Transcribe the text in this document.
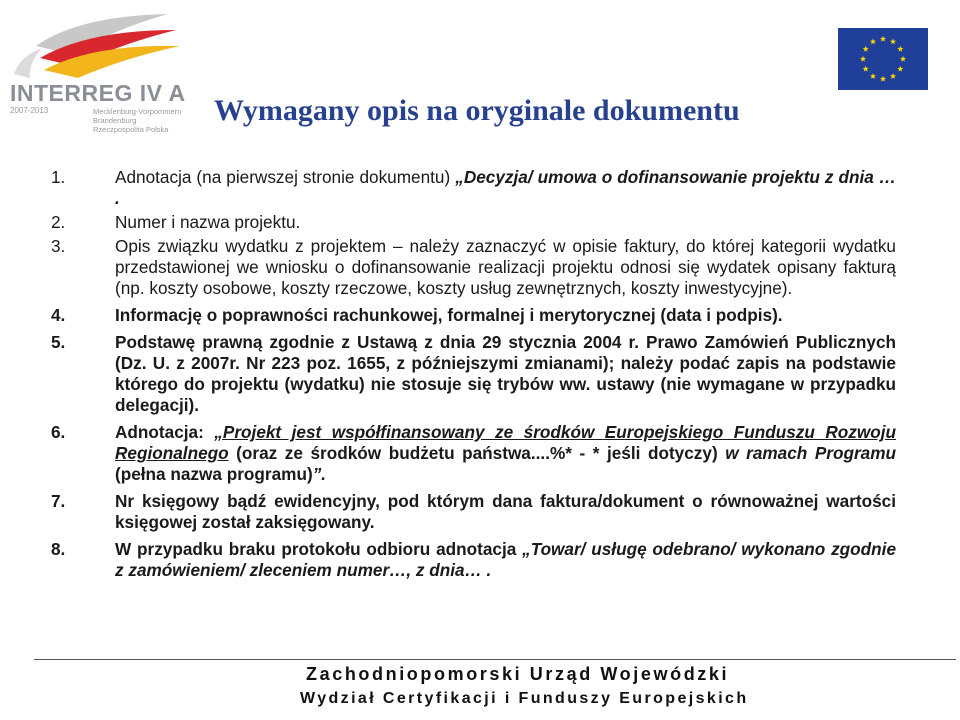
INTERREG IV A
2007-2013	Mecklenburg-Vorpommern
Brandenburg
Rzeczpospolita Polska
Wymagany opis na oryginale dokumentu
1.	Adnotacja (na pierwszej stronie dokumentu) „Decyzja/ umowa o dofinansowanie projektu z dnia … .
2.	Numer i nazwa projektu.
3.	Opis związku wydatku z projektem – należy zaznaczyć w opisie faktury, do której kategorii wydatku przedstawionej we wniosku o dofinansowanie realizacji projektu odnosi się wydatek opisany fakturą (np. koszty osobowe, koszty rzeczowe, koszty usług zewnętrznych, koszty inwestycyjne).
4.	Informację o poprawności rachunkowej, formalnej i merytorycznej (data i podpis).
5.	Podstawę prawną zgodnie z Ustawą z dnia 29 stycznia 2004 r. Prawo Zamówień Publicznych (Dz. U. z 2007r. Nr 223 poz. 1655, z późniejszymi zmianami); należy podać zapis na podstawie którego do projektu (wydatku) nie stosuje się trybów ww. ustawy (nie wymagane w przypadku delegacji).
6.	Adnotacja: „Projekt jest współfinansowany ze środków Europejskiego Funduszu Rozwoju Regionalnego (oraz ze środków budżetu państwa....%* - * jeśli dotyczy) w ramach Programu (pełna nazwa programu)”.
7.	Nr księgowy bądź ewidencyjny, pod którym dana faktura/dokument o równoważnej wartości księgowej został zaksięgowany.
8.	W przypadku braku protokołu odbioru adnotacja „Towar/ usługę odebrano/ wykonano zgodnie z zamówieniem/ zleceniem numer…, z dnia… .
Zachodniopomorski Urząd Wojewódzki
Wydział Certyfikacji i Funduszy Europejskich
